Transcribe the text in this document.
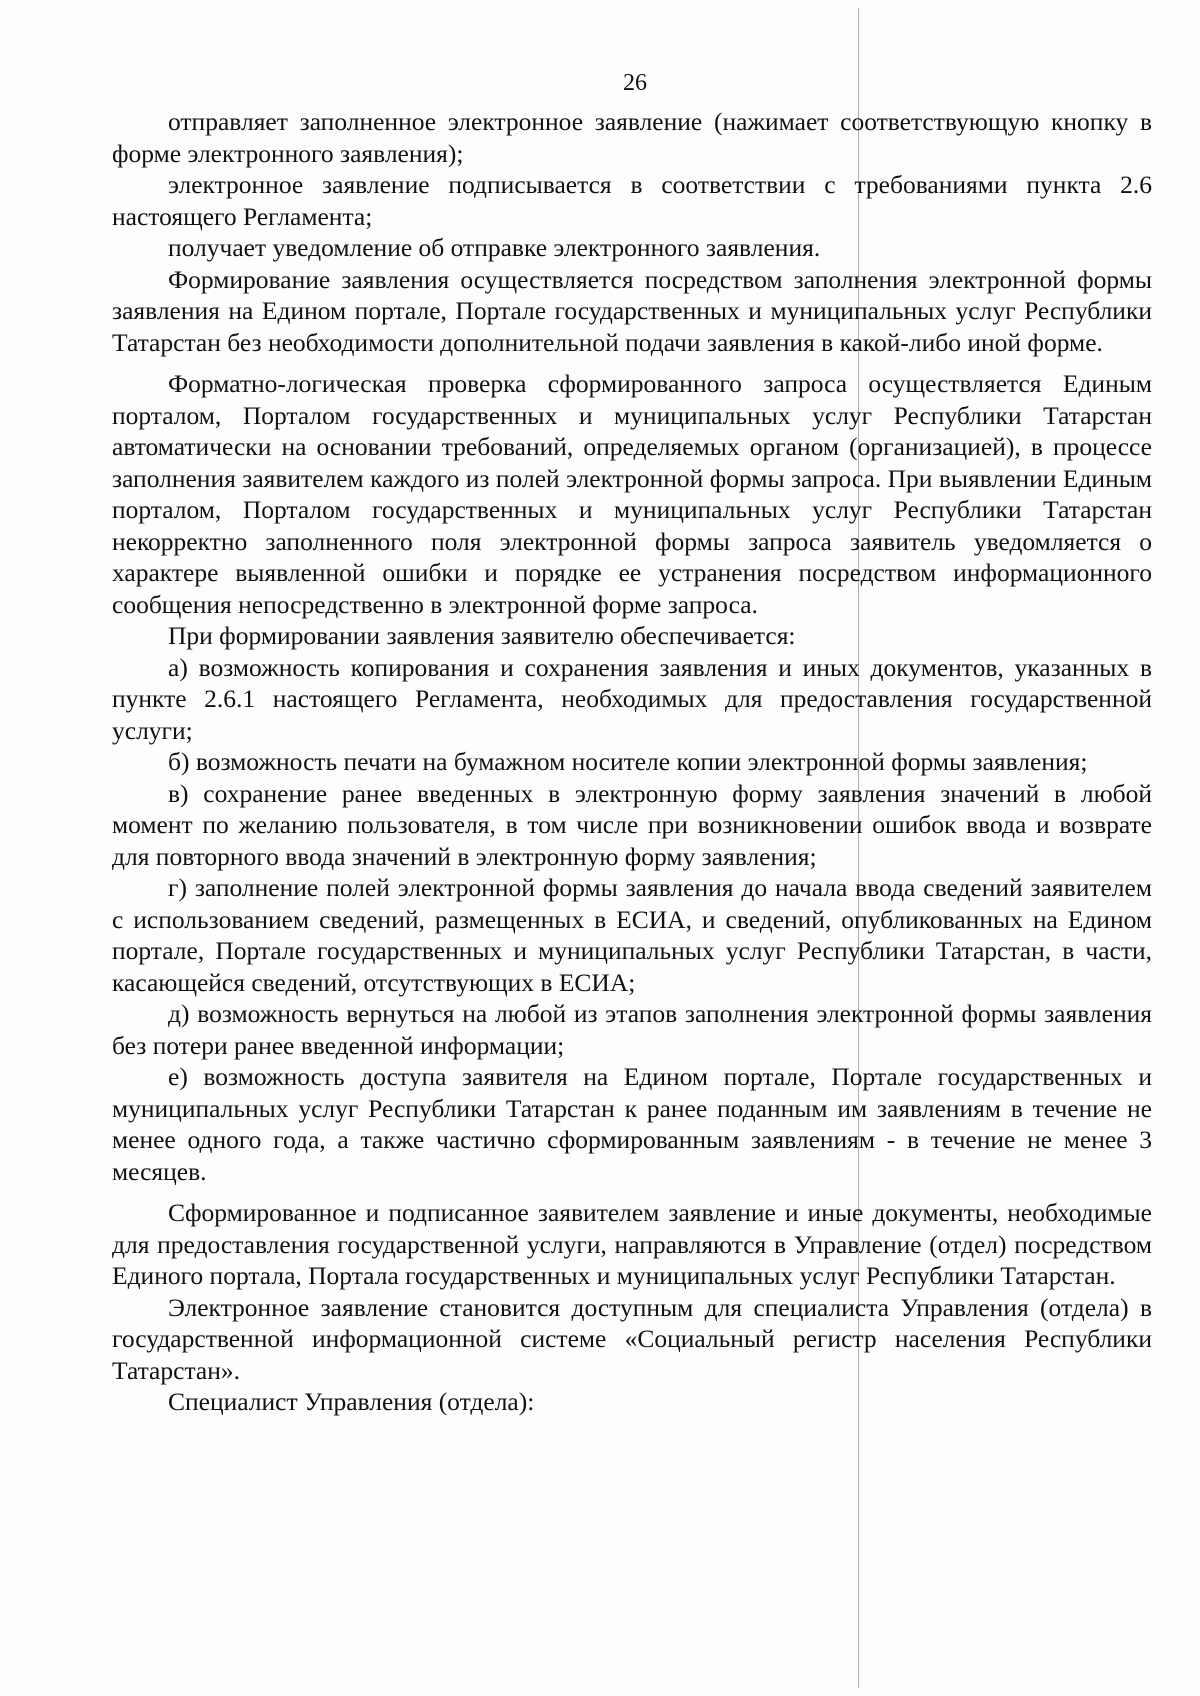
26

отправляет заполненное электронное заявление (нажимает соответствующую кнопку в форме электронного заявления);

электронное заявление подписывается в соответствии с требованиями пункта 2.6 настоящего Регламента;

получает уведомление об отправке электронного заявления.

Формирование заявления осуществляется посредством заполнения электронной формы заявления на Едином портале, Портале государственных и муниципальных услуг Республики Татарстан без необходимости дополнительной подачи заявления в какой-либо иной форме.

Форматно-логическая проверка сформированного запроса осуществляется Единым порталом, Порталом государственных и муниципальных услуг Республики Татарстан автоматически на основании требований, определяемых органом (организацией), в процессе заполнения заявителем каждого из полей электронной формы запроса. При выявлении Единым порталом, Порталом государственных и муниципальных услуг Республики Татарстан некорректно заполненного поля электронной формы запроса заявитель уведомляется о характере выявленной ошибки и порядке ее устранения посредством информационного сообщения непосредственно в электронной форме запроса.

При формировании заявления заявителю обеспечивается:

а) возможность копирования и сохранения заявления и иных документов, указанных в пункте 2.6.1 настоящего Регламента, необходимых для предоставления государственной услуги;

б) возможность печати на бумажном носителе копии электронной формы заявления;

в) сохранение ранее введенных в электронную форму заявления значений в любой момент по желанию пользователя, в том числе при возникновении ошибок ввода и возврате для повторного ввода значений в электронную форму заявления;

г) заполнение полей электронной формы заявления до начала ввода сведений заявителем с использованием сведений, размещенных в ЕСИА, и сведений, опубликованных на Едином портале, Портале государственных и муниципальных услуг Республики Татарстан, в части, касающейся сведений, отсутствующих в ЕСИА;

д) возможность вернуться на любой из этапов заполнения электронной формы заявления без потери ранее введенной информации;

е) возможность доступа заявителя на Едином портале, Портале государственных и муниципальных услуг Республики Татарстан к ранее поданным им заявлениям в течение не менее одного года, а также частично сформированным заявлениям - в течение не менее 3 месяцев.

Сформированное и подписанное заявителем заявление и иные документы, необходимые для предоставления государственной услуги, направляются в Управление (отдел) посредством Единого портала, Портала государственных и муниципальных услуг Республики Татарстан.

Электронное заявление становится доступным для специалиста Управления (отдела) в государственной информационной системе «Социальный регистр населения Республики Татарстан».

Специалист Управления (отдела):
